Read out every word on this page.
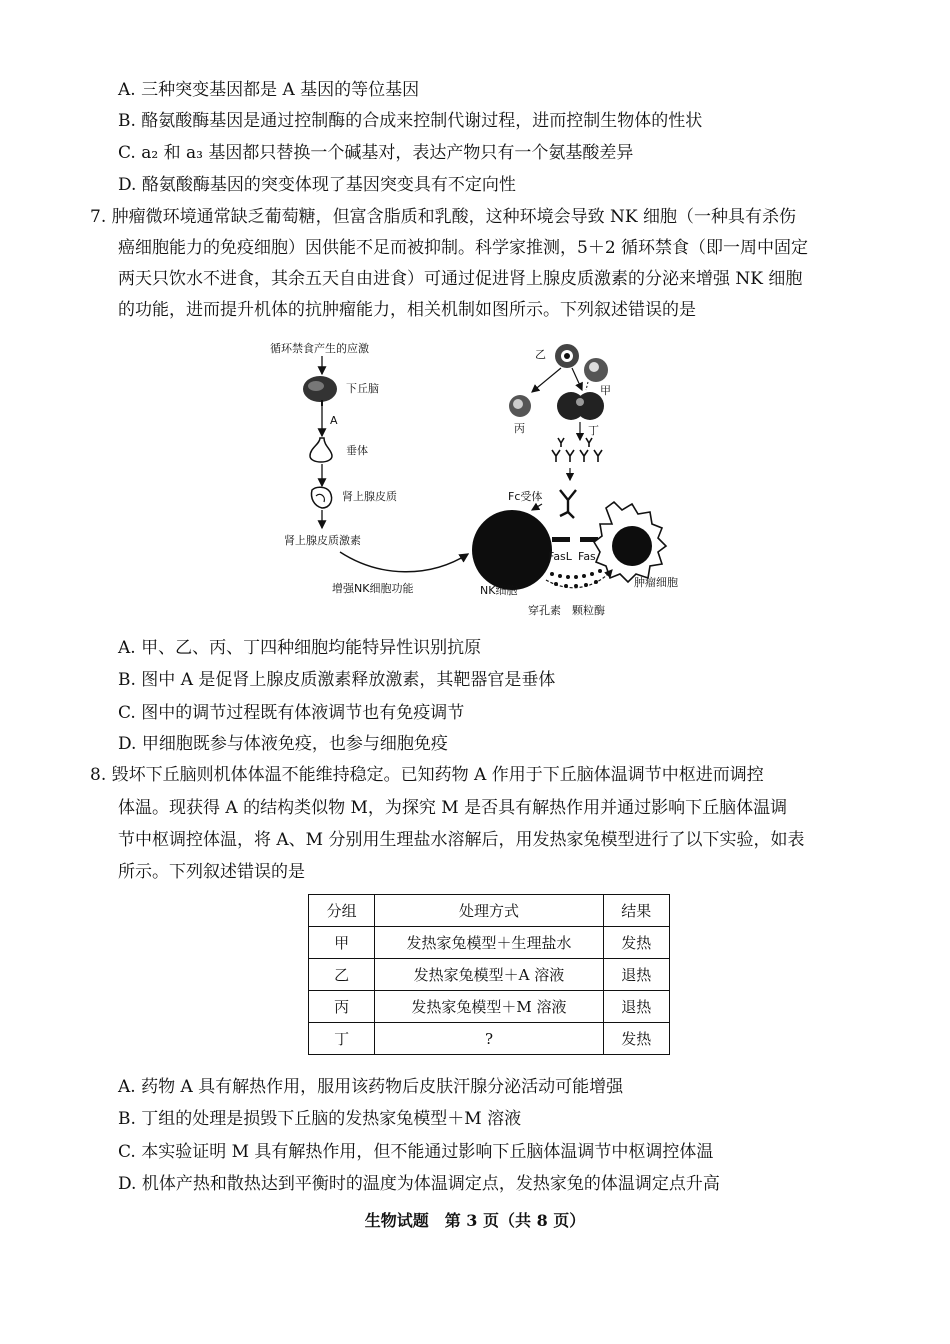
A. 三种突变基因都是 A 基因的等位基因
B. 酪氨酸酶基因是通过控制酶的合成来控制代谢过程，进而控制生物体的性状
C. a₂ 和 a₃ 基因都只替换一个碱基对，表达产物只有一个氨基酸差异
D. 酪氨酸酶基因的突变体现了基因突变具有不定向性
7. 肿瘤微环境通常缺乏葡萄糖，但富含脂质和乳酸，这种环境会导致 NK 细胞（一种具有杀伤
癌细胞能力的免疫细胞）因供能不足而被抑制。科学家推测，5＋2 循环禁食（即一周中固定
两天只饮水不进食，其余五天自由进食）可通过促进肾上腺皮质激素的分泌来增强 NK 细胞
的功能，进而提升机体的抗肿瘤能力，相关机制如图所示。下列叙述错误的是
循环禁食产生的应激
下丘脑
A
垂体
肾上腺皮质
肾上腺皮质激素
增强NK细胞功能
乙
甲
丙	丁
Fc受体
FasL Fas
NK细胞
肿瘤细胞
穿孔素 颗粒酶
A. 甲、乙、丙、丁四种细胞均能特异性识别抗原
B. 图中 A 是促肾上腺皮质激素释放激素，其靶器官是垂体
C. 图中的调节过程既有体液调节也有免疫调节
D. 甲细胞既参与体液免疫，也参与细胞免疫
8. 毁坏下丘脑则机体体温不能维持稳定。已知药物 A 作用于下丘脑体温调节中枢进而调控
体温。现获得 A 的结构类似物 M，为探究 M 是否具有解热作用并通过影响下丘脑体温调
节中枢调控体温，将 A、M 分别用生理盐水溶解后，用发热家兔模型进行了以下实验，如表
所示。下列叙述错误的是
分组	处理方式	结果
甲	发热家兔模型＋生理盐水	发热
乙	发热家兔模型＋A 溶液	退热
丙	发热家兔模型＋M 溶液	退热
丁	?	发热
A. 药物 A 具有解热作用，服用该药物后皮肤汗腺分泌活动可能增强
B. 丁组的处理是损毁下丘脑的发热家兔模型＋M 溶液
C. 本实验证明 M 具有解热作用，但不能通过影响下丘脑体温调节中枢调控体温
D. 机体产热和散热达到平衡时的温度为体温调定点，发热家兔的体温调定点升高
生物试题　第 3 页（共 8 页）
